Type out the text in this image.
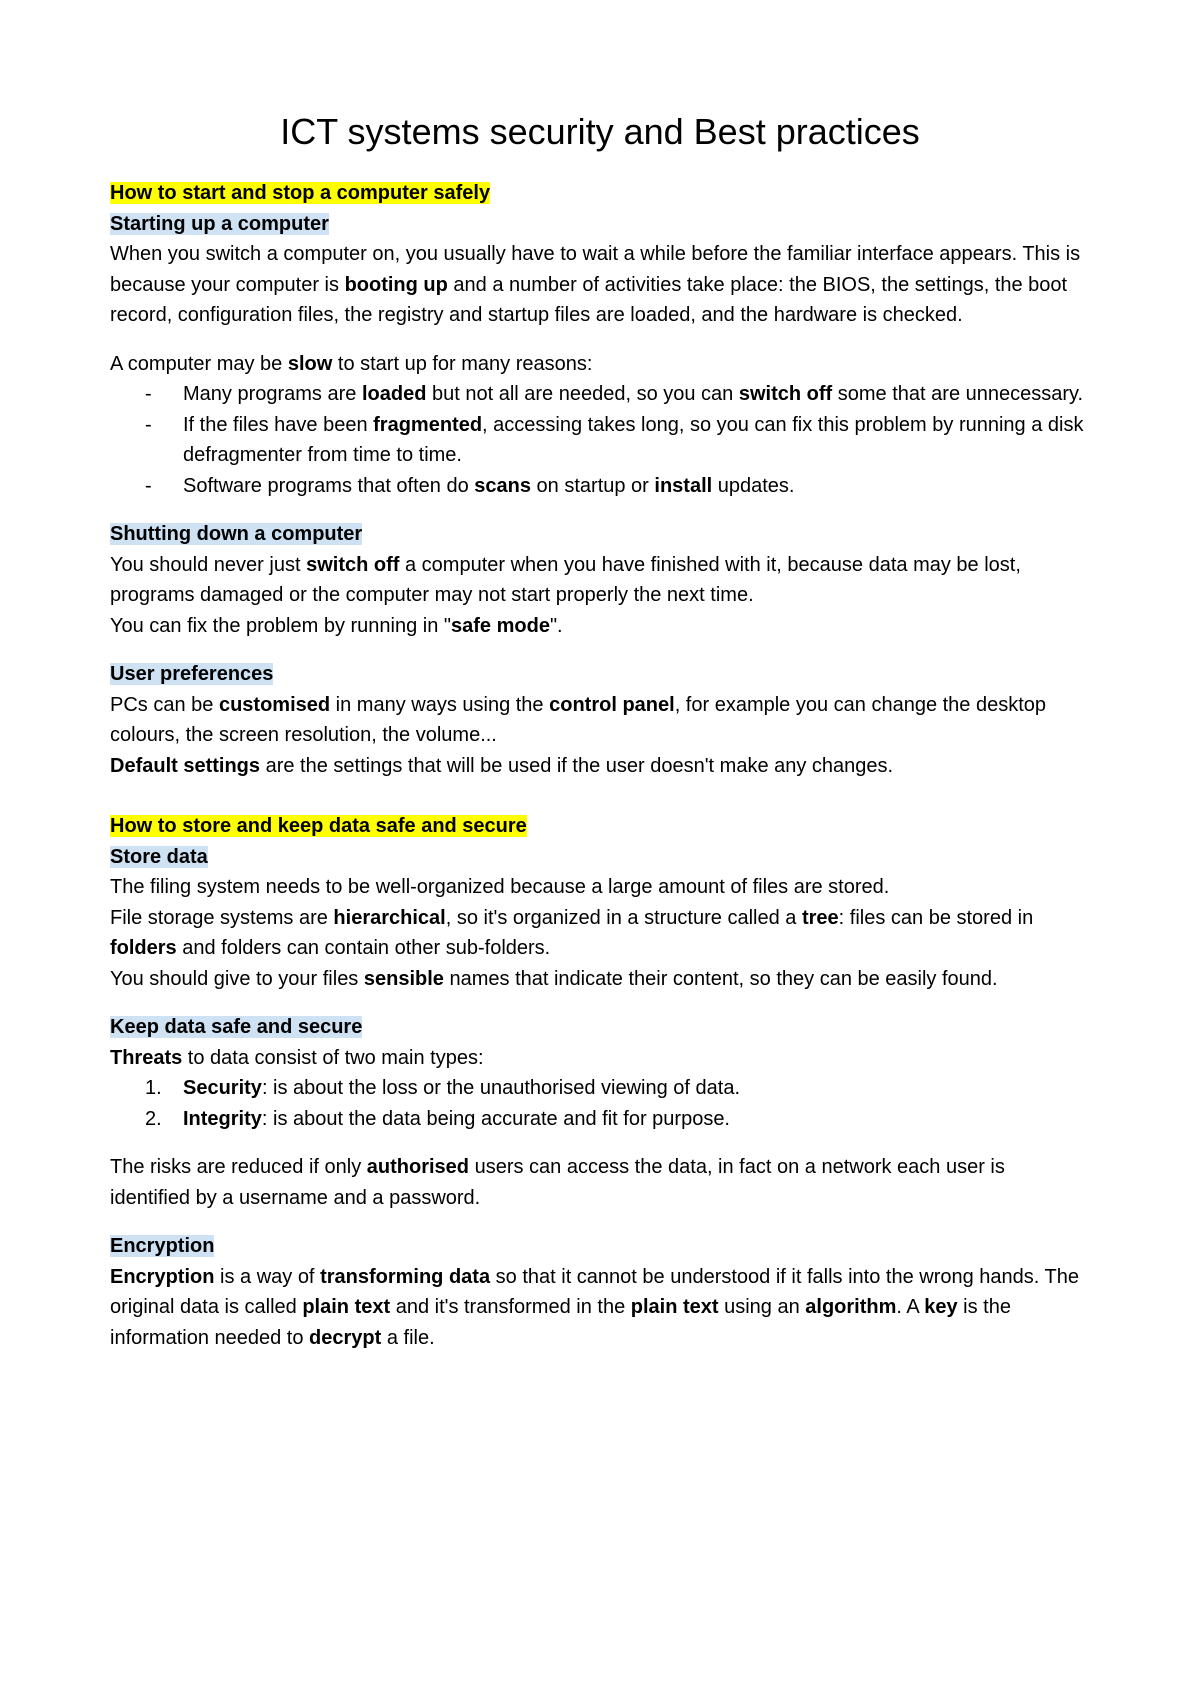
ICT systems security and Best practices

How to start and stop a computer safely

Starting up a computer

When you switch a computer on, you usually have to wait a while before the familiar interface appears. This is because your computer is booting up and a number of activities take place: the BIOS, the settings, the boot record, configuration files, the registry and startup files are loaded, and the hardware is checked.

A computer may be slow to start up for many reasons:

- Many programs are loaded but not all are needed, so you can switch off some that are unnecessary.
- If the files have been fragmented, accessing takes long, so you can fix this problem by running a disk defragmenter from time to time.
- Software programs that often do scans on startup or install updates.

Shutting down a computer

You should never just switch off a computer when you have finished with it, because data may be lost, programs damaged or the computer may not start properly the next time.

You can fix the problem by running in "safe mode".

User preferences

PCs can be customised in many ways using the control panel, for example you can change the desktop colours, the screen resolution, the volume...

Default settings are the settings that will be used if the user doesn't make any changes.

How to store and keep data safe and secure

Store data

The filing system needs to be well-organized because a large amount of files are stored.

File storage systems are hierarchical, so it's organized in a structure called a tree: files can be stored in folders and folders can contain other sub-folders.

You should give to your files sensible names that indicate their content, so they can be easily found.

Keep data safe and secure

Threats to data consist of two main types:

1. Security: is about the loss or the unauthorised viewing of data.
2. Integrity: is about the data being accurate and fit for purpose.

The risks are reduced if only authorised users can access the data, in fact on a network each user is identified by a username and a password.

Encryption

Encryption is a way of transforming data so that it cannot be understood if it falls into the wrong hands. The original data is called plain text and it's transformed in the plain text using an algorithm. A key is the information needed to decrypt a file.
